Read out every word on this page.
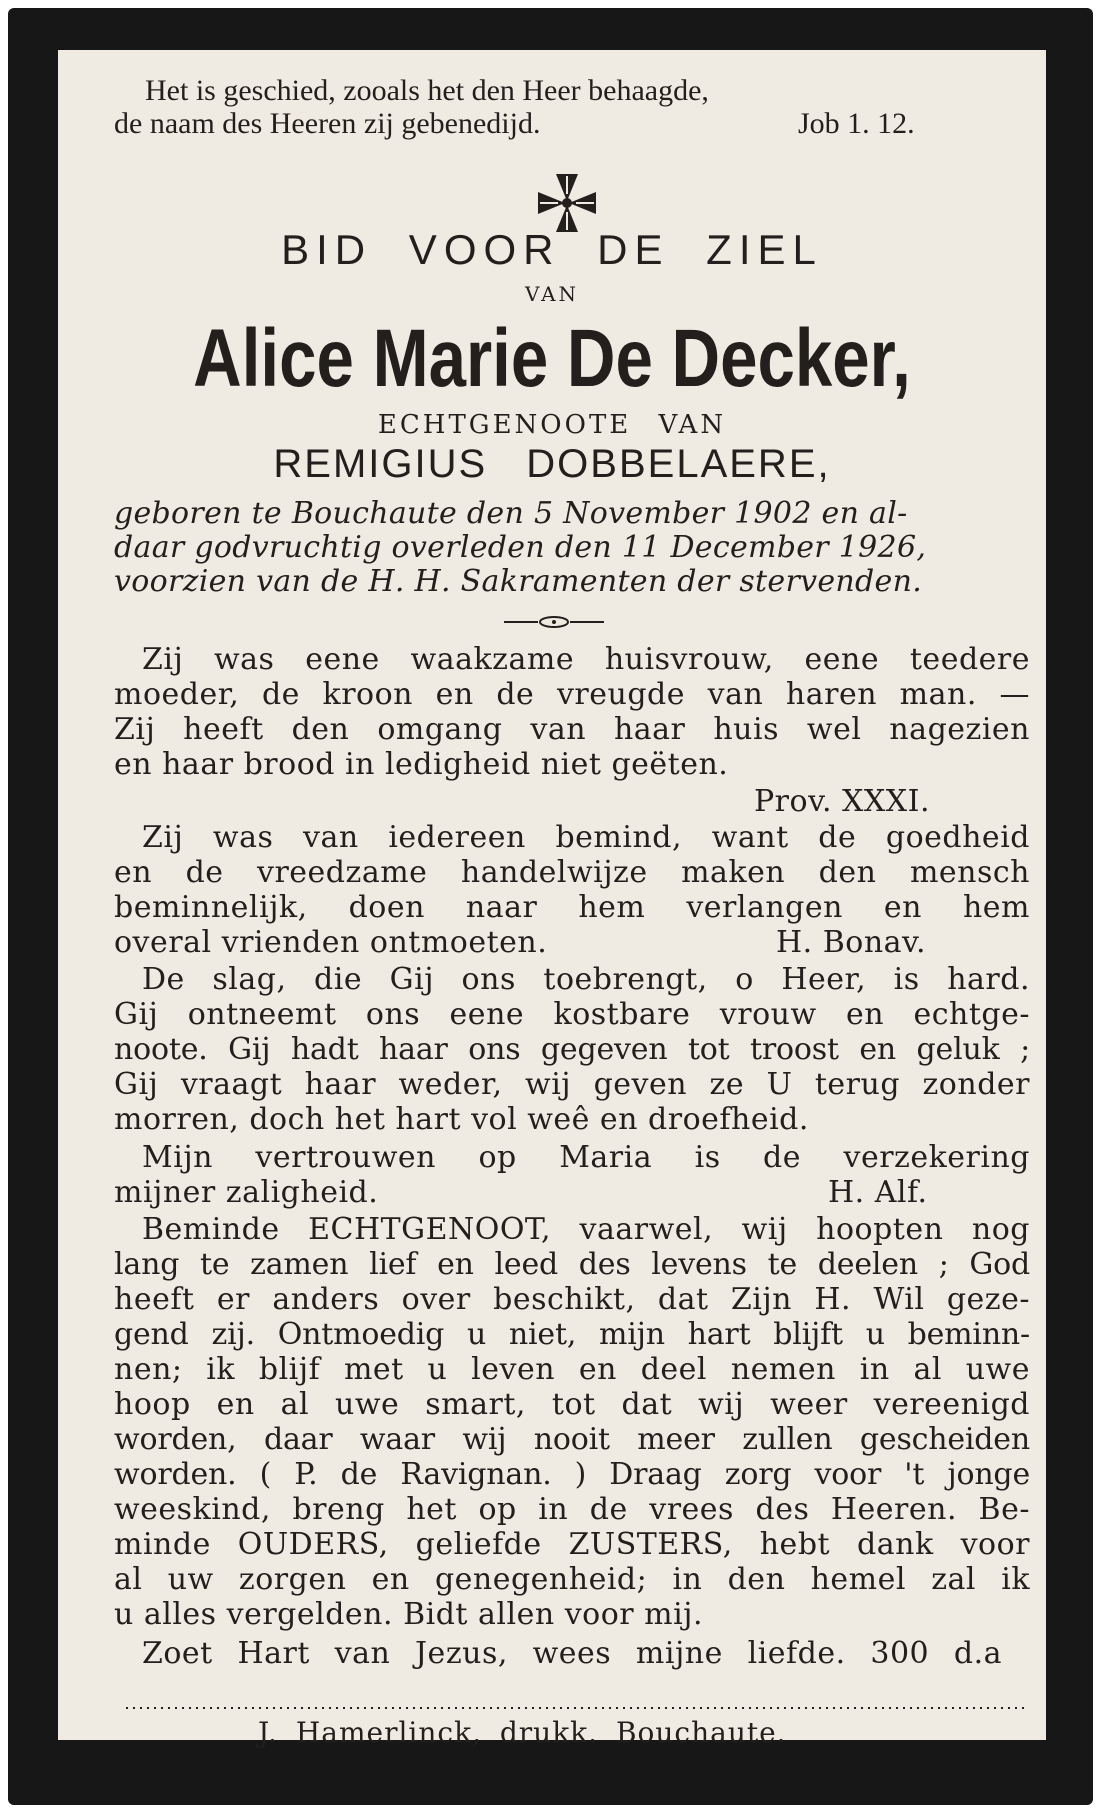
Het is geschied, zooals het den Heer behaagde,
de naam des Heeren zij gebenedijd.	Job 1. 12.
BID VOOR DE ZIEL
VAN
Alice Marie De Decker,
ECHTGENOOTE VAN
REMIGIUS DOBBELAERE,
geboren te Bouchaute den 5 November 1902 en al-
daar godvruchtig overleden den 11 December 1926,
voorzien van de H. H. Sakramenten der stervenden.
Zij was eene waakzame huisvrouw, eene teedere
moeder, de kroon en de vreugde van haren man. —
Zij heeft den omgang van haar huis wel nagezien
en haar brood in ledigheid niet geëten.
Prov. XXXI.
Zij was van iedereen bemind, want de goedheid
en de vreedzame handelwijze maken den mensch
beminnelijk, doen naar hem verlangen en hem
overal vrienden ontmoeten.	H. Bonav.
De slag, die Gij ons toebrengt, o Heer, is hard.
Gij ontneemt ons eene kostbare vrouw en echtge-
noote. Gij hadt haar ons gegeven tot troost en geluk ;
Gij vraagt haar weder, wij geven ze U terug zonder
morren, doch het hart vol weê en droefheid.
Mijn vertrouwen op Maria is de verzekering
mijner zaligheid.	H. Alf.
Beminde ECHTGENOOT, vaarwel, wij hoopten nog
lang te zamen lief en leed des levens te deelen ; God
heeft er anders over beschikt, dat Zijn H. Wil geze-
gend zij. Ontmoedig u niet, mijn hart blijft u beminn-
nen; ik blijf met u leven en deel nemen in al uwe
hoop en al uwe smart, tot dat wij weer vereenigd
worden, daar waar wij nooit meer zullen gescheiden
worden. ( P. de Ravignan. ) Draag zorg voor 't jonge
weeskind, breng het op in de vrees des Heeren. Be-
minde OUDERS, geliefde ZUSTERS, hebt dank voor
al uw zorgen en genegenheid; in den hemel zal ik
u alles vergelden. Bidt allen voor mij.
Zoet Hart van Jezus, wees mijne liefde. 300 d.a
J. Hamerlinck, drukk. Bouchaute.
